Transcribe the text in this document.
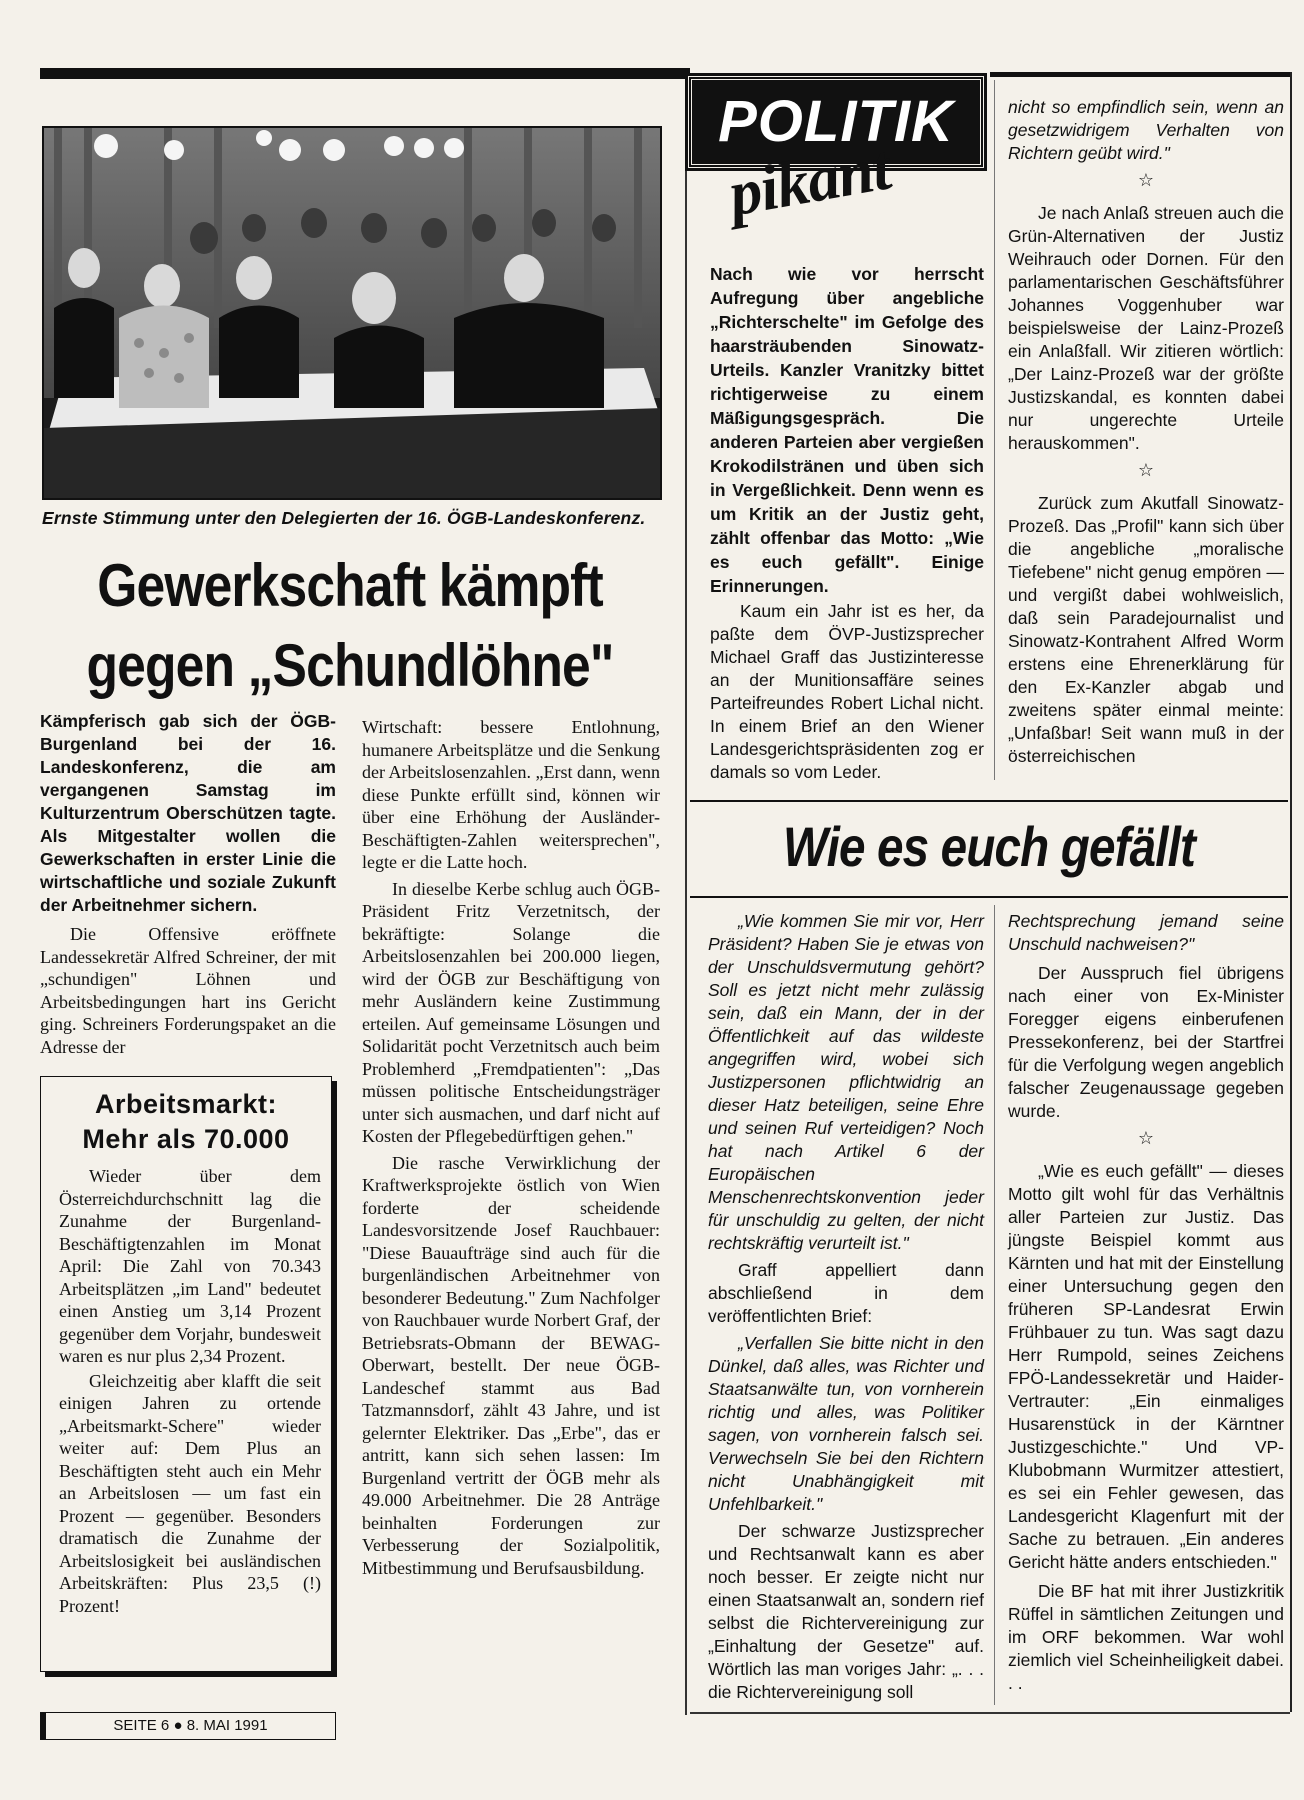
Ernste Stimmung unter den Delegierten der 16. ÖGB-Landeskonferenz.
Gewerkschaft kämpft
gegen „Schundlöhne"

Kämpferisch gab sich der ÖGB-Burgenland bei der 16. Landeskonferenz, die am vergangenen Samstag im Kulturzentrum Oberschützen tagte. Als Mitgestalter wollen die Gewerkschaften in erster Linie die wirtschaftliche und soziale Zukunft der Arbeitnehmer sichern.

Die Offensive eröffnete Landessekretär Alfred Schreiner, der mit „schundigen" Löhnen und Arbeitsbedingungen hart ins Gericht ging. Schreiners Forderungspaket an die Adresse der

Wirtschaft: bessere Entlohnung, humanere Arbeitsplätze und die Senkung der Arbeitslosenzahlen. „Erst dann, wenn diese Punkte erfüllt sind, können wir über eine Erhöhung der Ausländer-Beschäftigten-Zahlen weitersprechen", legte er die Latte hoch.

In dieselbe Kerbe schlug auch ÖGB-Präsident Fritz Verzetnitsch, der bekräftigte: Solange die Arbeitslosenzahlen bei 200.000 liegen, wird der ÖGB zur Beschäftigung von mehr Ausländern keine Zustimmung erteilen. Auf gemeinsame Lösungen und Solidarität pocht Verzetnitsch auch beim Problemherd „Fremdpatienten": „Das müssen politische Entscheidungsträger unter sich ausmachen, und darf nicht auf Kosten der Pflegebedürftigen gehen."

Die rasche Verwirklichung der Kraftwerksprojekte östlich von Wien forderte der scheidende Landesvorsitzende Josef Rauchbauer: "Diese Bauaufträge sind auch für die burgenländischen Arbeitnehmer von besonderer Bedeutung." Zum Nachfolger von Rauchbauer wurde Norbert Graf, der Betriebsrats-Obmann der BEWAG-Oberwart, bestellt. Der neue ÖGB-Landeschef stammt aus Bad Tatzmannsdorf, zählt 43 Jahre, und ist gelernter Elektriker. Das „Erbe", das er antritt, kann sich sehen lassen: Im Burgenland vertritt der ÖGB mehr als 49.000 Arbeitnehmer. Die 28 Anträge beinhalten Forderungen zur Verbesserung der Sozialpolitik, Mitbestimmung und Berufsausbildung.

Arbeitsmarkt:
Mehr als 70.000

Wieder über dem Österreichdurchschnitt lag die Zunahme der Burgenland-Beschäftigtenzahlen im Monat April: Die Zahl von 70.343 Arbeitsplätzen „im Land" bedeutet einen Anstieg um 3,14 Prozent gegenüber dem Vorjahr, bundesweit waren es nur plus 2,34 Prozent.

Gleichzeitig aber klafft die seit einigen Jahren zu ortende „Arbeitsmarkt-Schere" wieder weiter auf: Dem Plus an Beschäftigten steht auch ein Mehr an Arbeitslosen — um fast ein Prozent — gegenüber. Besonders dramatisch die Zunahme der Arbeitslosigkeit bei ausländischen Arbeitskräften: Plus 23,5 (!) Prozent!

SEITE 6 ● 8. MAI 1991
POLITIK
pikant

Nach wie vor herrscht Aufregung über angebliche „Richterschelte" im Gefolge des haarsträubenden Sinowatz-Urteils. Kanzler Vranitzky bittet richtigerweise zu einem Mäßigungsgespräch. Die anderen Parteien aber vergießen Krokodilstränen und üben sich in Vergeßlichkeit. Denn wenn es um Kritik an der Justiz geht, zählt offenbar das Motto: „Wie es euch gefällt". Einige Erinnerungen.

Kaum ein Jahr ist es her, da paßte dem ÖVP-Justizsprecher Michael Graff das Justizinteresse an der Munitionsaffäre seines Parteifreundes Robert Lichal nicht. In einem Brief an den Wiener Landesgerichtspräsidenten zog er damals so vom Leder.

nicht so empfindlich sein, wenn an gesetzwidrigem Verhalten von Richtern geübt wird."

☆

Je nach Anlaß streuen auch die Grün-Alternativen der Justiz Weihrauch oder Dornen. Für den parlamentarischen Geschäftsführer Johannes Voggenhuber war beispielsweise der Lainz-Prozeß ein Anlaßfall. Wir zitieren wörtlich: „Der Lainz-Prozeß war der größte Justizskandal, es konnten dabei nur ungerechte Urteile herauskommen".

☆

Zurück zum Akutfall Sinowatz-Prozeß. Das „Profil" kann sich über die angebliche „moralische Tiefebene" nicht genug empören — und vergißt dabei wohlweislich, daß sein Paradejournalist und Sinowatz-Kontrahent Alfred Worm erstens eine Ehrenerklärung für den Ex-Kanzler abgab und zweitens später einmal meinte: „Unfaßbar! Seit wann muß in der österreichischen

Wie es euch gefällt

„Wie kommen Sie mir vor, Herr Präsident? Haben Sie je etwas von der Unschuldsvermutung gehört? Soll es jetzt nicht mehr zulässig sein, daß ein Mann, der in der Öffentlichkeit auf das wildeste angegriffen wird, wobei sich Justizpersonen pflichtwidrig an dieser Hatz beteiligen, seine Ehre und seinen Ruf verteidigen? Noch hat nach Artikel 6 der Europäischen Menschenrechtskonvention jeder für unschuldig zu gelten, der nicht rechtskräftig verurteilt ist."

Graff appelliert dann abschließend in dem veröffentlichten Brief:

„Verfallen Sie bitte nicht in den Dünkel, daß alles, was Richter und Staatsanwälte tun, von vornherein richtig und alles, was Politiker sagen, von vornherein falsch sei. Verwechseln Sie bei den Richtern nicht Unabhängigkeit mit Unfehlbarkeit."

Der schwarze Justizsprecher und Rechtsanwalt kann es aber noch besser. Er zeigte nicht nur einen Staatsanwalt an, sondern rief selbst die Richtervereinigung zur „Einhaltung der Gesetze" auf. Wörtlich las man voriges Jahr: „. . . die Richtervereinigung soll

Rechtsprechung jemand seine Unschuld nachweisen?"

Der Ausspruch fiel übrigens nach einer von Ex-Minister Foregger eigens einberufenen Pressekonferenz, bei der Startfrei für die Verfolgung wegen angeblich falscher Zeugenaussage gegeben wurde.

☆

„Wie es euch gefällt" — dieses Motto gilt wohl für das Verhältnis aller Parteien zur Justiz. Das jüngste Beispiel kommt aus Kärnten und hat mit der Einstellung einer Untersuchung gegen den früheren SP-Landesrat Erwin Frühbauer zu tun. Was sagt dazu Herr Rumpold, seines Zeichens FPÖ-Landessekretär und Haider-Vertrauter: „Ein einmaliges Husarenstück in der Kärntner Justizgeschichte." Und VP-Klubobmann Wurmitzer attestiert, es sei ein Fehler gewesen, das Landesgericht Klagenfurt mit der Sache zu betrauen. „Ein anderes Gericht hätte anders entschieden."

Die BF hat mit ihrer Justizkritik Rüffel in sämtlichen Zeitungen und im ORF bekommen. War wohl ziemlich viel Scheinheiligkeit dabei. . .
